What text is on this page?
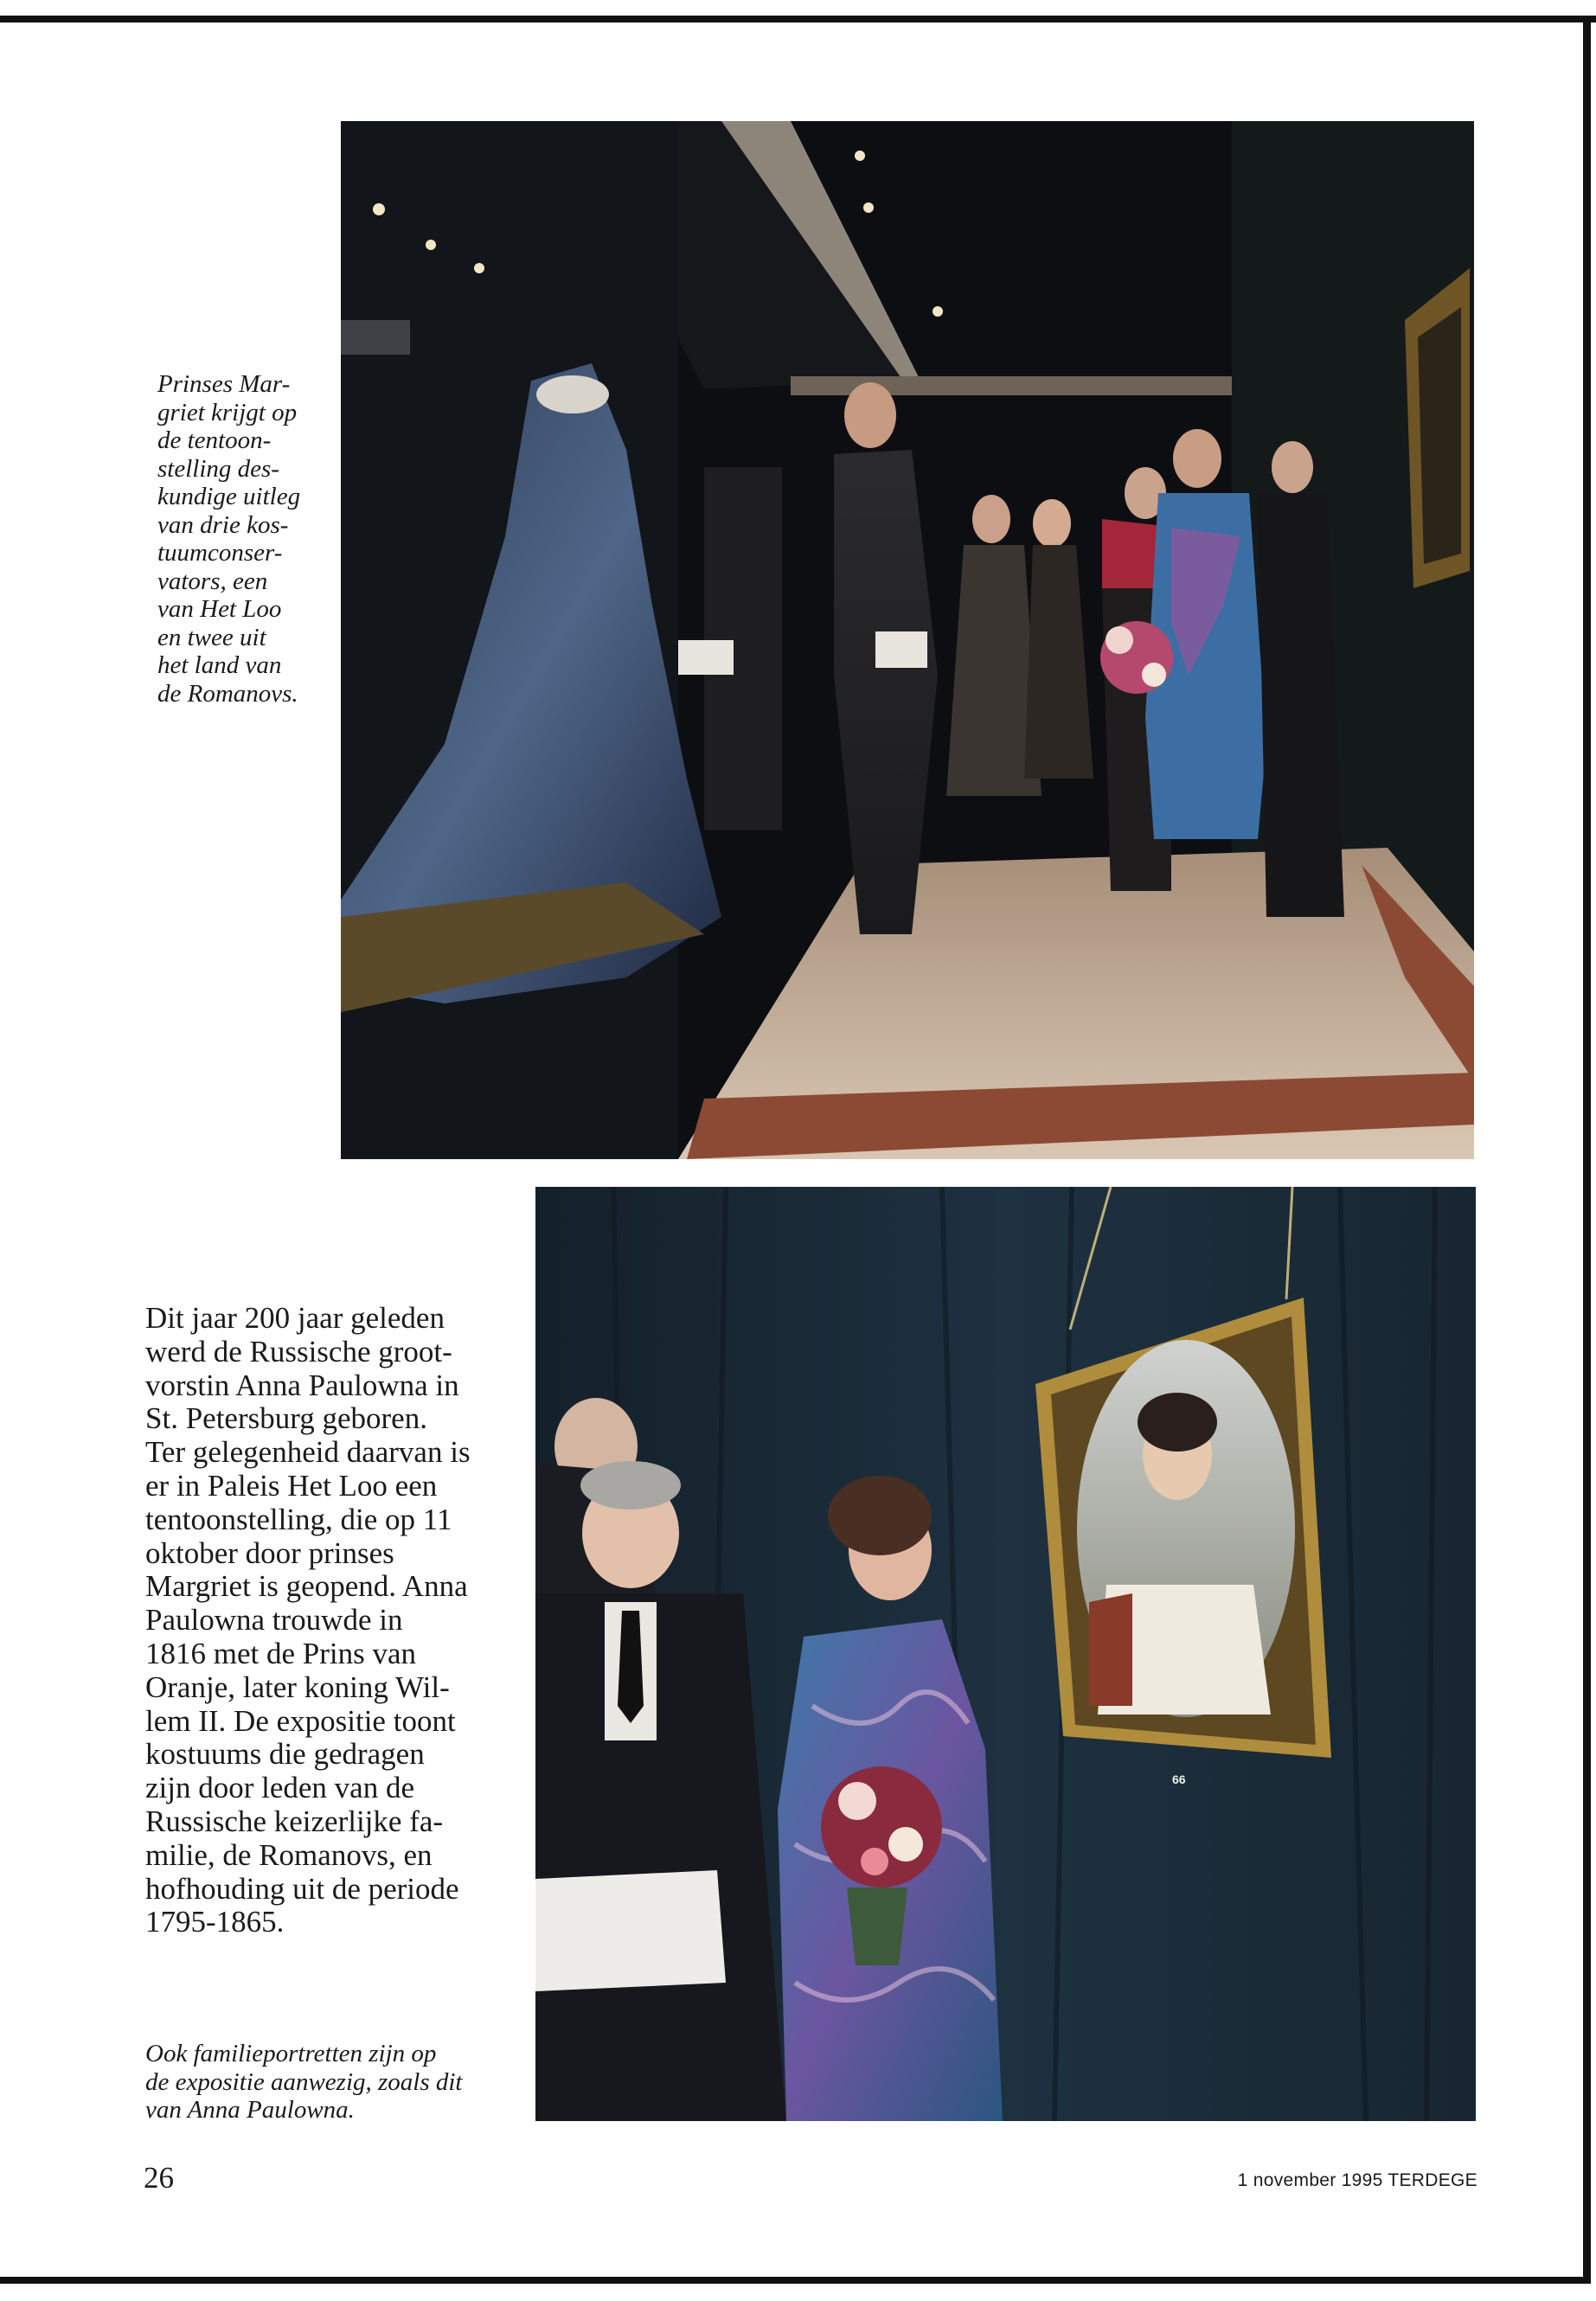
66
Prinses Mar-
griet krijgt op
de tentoon-
stelling des-
kundige uitleg
van drie kos-
tuumconser-
vators, een
van Het Loo
en twee uit
het land van
de Romanovs.
Dit jaar 200 jaar geleden
werd de Russische groot-
vorstin Anna Paulowna in
St. Petersburg geboren.
Ter gelegenheid daarvan is
er in Paleis Het Loo een
tentoonstelling, die op 11
oktober door prinses
Margriet is geopend. Anna
Paulowna trouwde in
1816 met de Prins van
Oranje, later koning Wil-
lem II. De expositie toont
kostuums die gedragen
zijn door leden van de
Russische keizerlijke fa-
milie, de Romanovs, en
hofhouding uit de periode
1795-1865.
Ook familieportretten zijn op
de expositie aanwezig, zoals dit
van Anna Paulowna.
26	1 november 1995 TERDEGE
